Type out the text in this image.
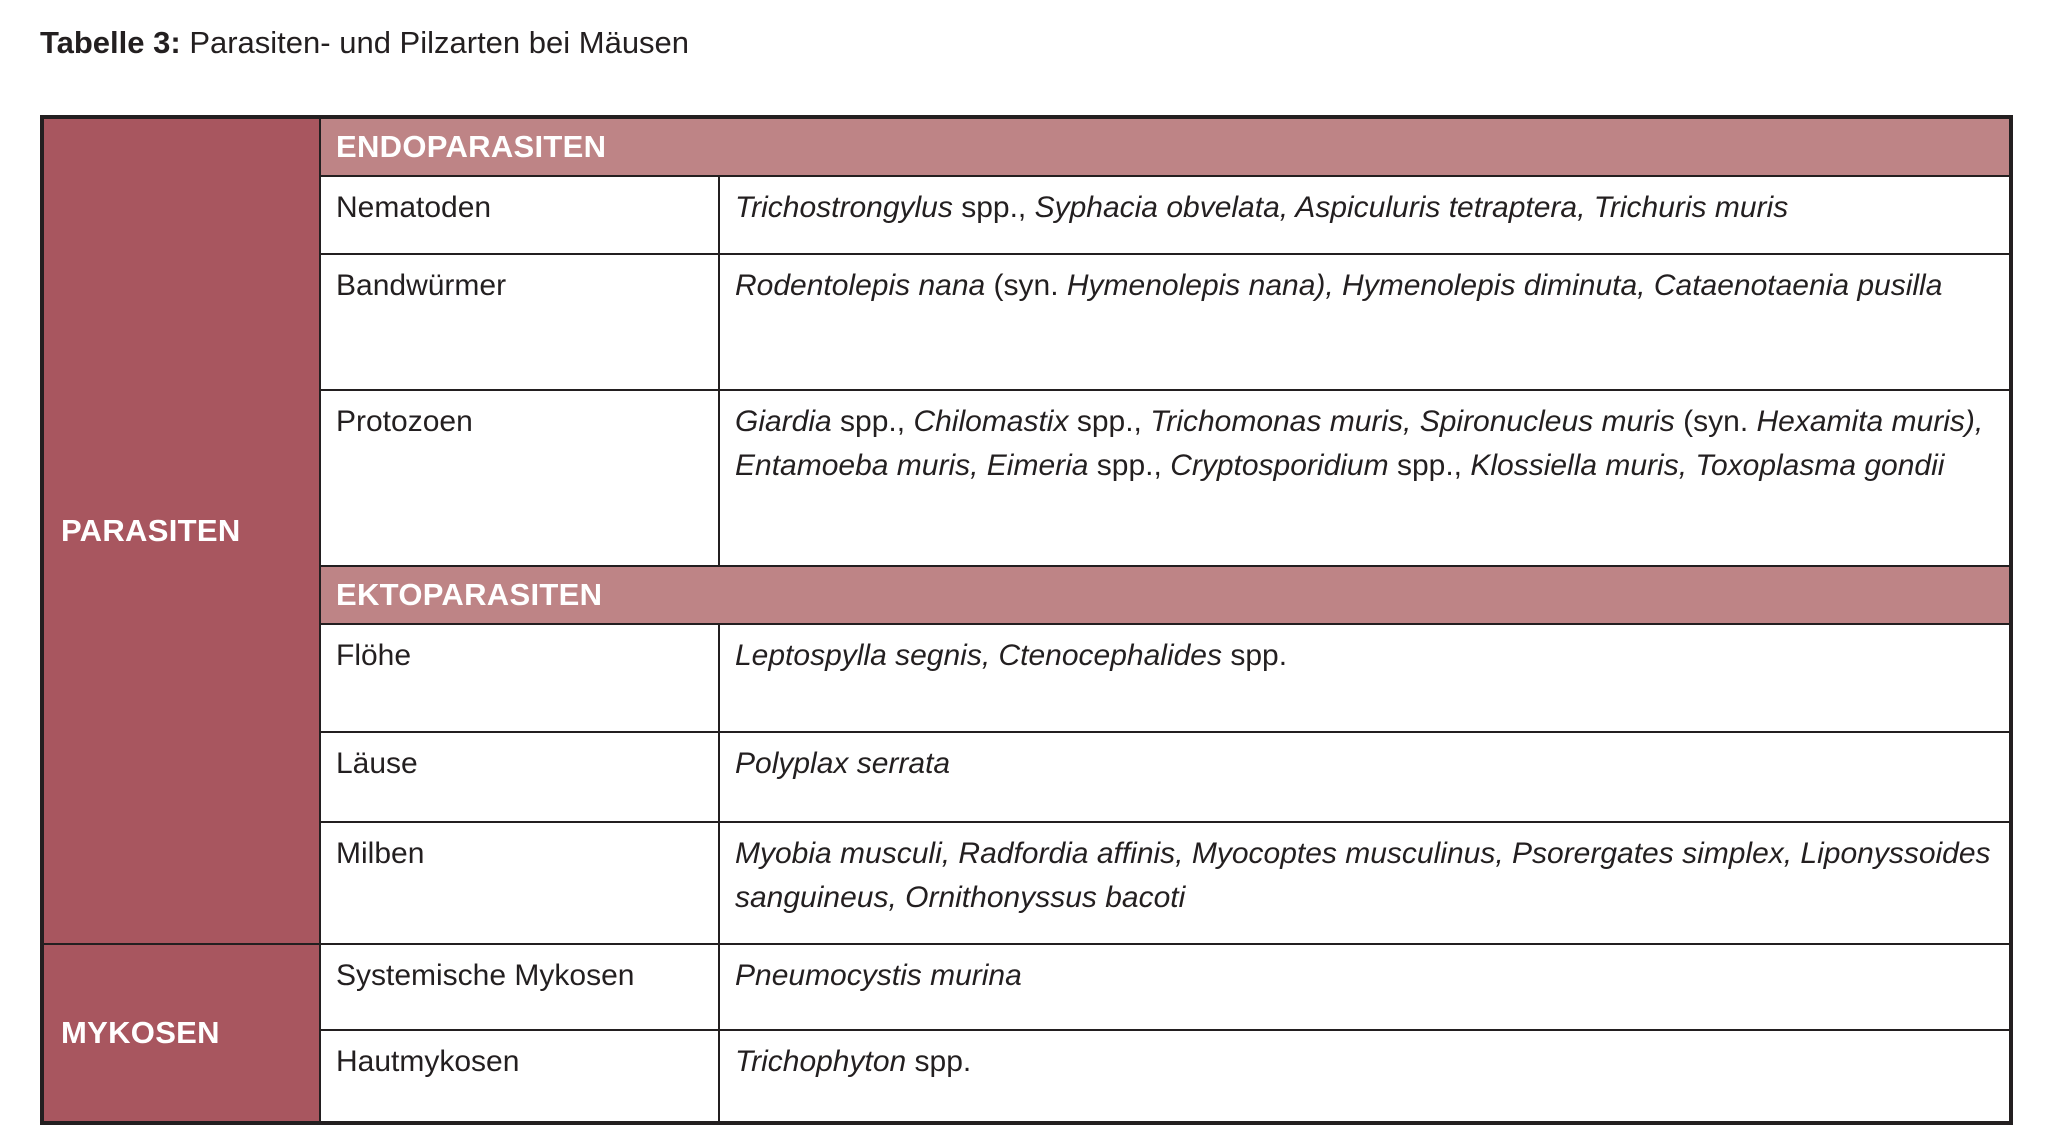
Tabelle 3: Parasiten- und Pilzarten bei Mäusen
PARASITEN	ENDOPARASITEN	
	Nematoden	Trichostrongylus spp., Syphacia obvelata, Aspiculuris tetraptera, Trichuris muris
	Bandwürmer	Rodentolepis nana (syn. Hymenolepis nana), Hymenolepis diminuta, Cataenotaenia pusilla
	Protozoen	Giardia spp., Chilomastix spp., Trichomonas muris, Spironucleus muris (syn. Hexamita muris), Entamoeba muris, Eimeria spp., Cryptosporidium spp., Klossiella muris, Toxoplasma gondii
	EKTOPARASITEN	
	Flöhe	Leptospylla segnis, Ctenocephalides spp.
	Läuse	Polyplax serrata
	Milben	Myobia musculi, Radfordia affinis, Myocoptes musculinus, Psorergates simplex, Liponyssoides sanguineus, Ornithonyssus bacoti
MYKOSEN	Systemische Mykosen	Pneumocystis murina
	Hautmykosen	Trichophyton spp.
